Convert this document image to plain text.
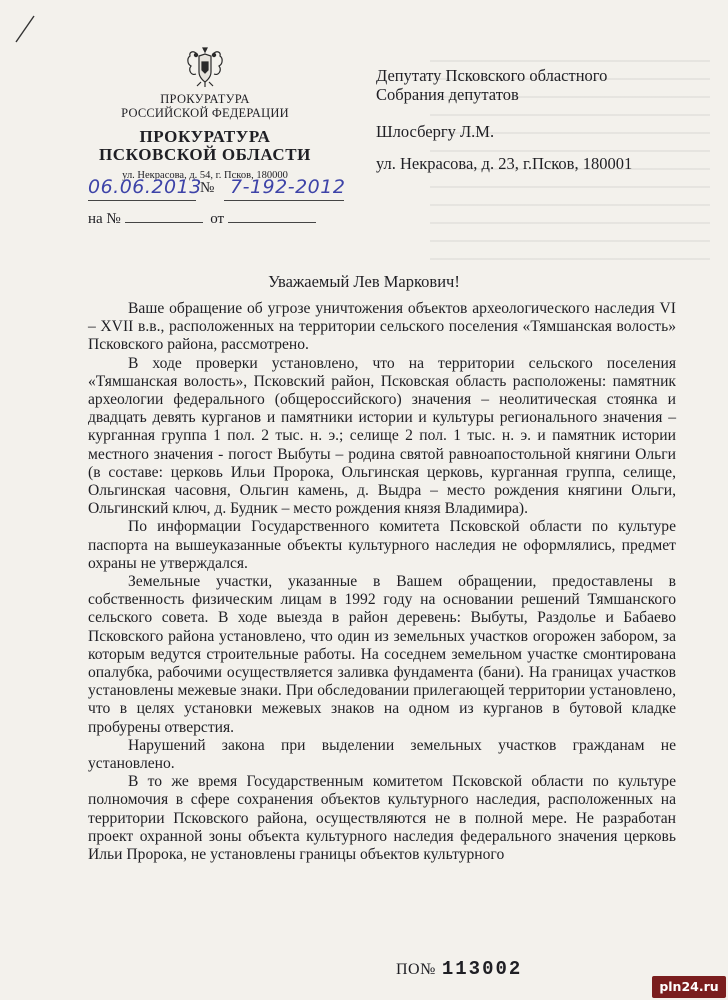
ПРОКУРАТУРА
РОССИЙСКОЙ ФЕДЕРАЦИИ
ПРОКУРАТУРА
ПСКОВСКОЙ ОБЛАСТИ
ул. Некрасова, д. 54, г. Псков, 180000
06.06.2013
№ 7-192-2012
на №	от
Депутату Псковского областного
Собрания депутатов
Шлосбергу Л.М.
ул. Некрасова, д. 23, г.Псков, 180001
Уважаемый Лев Маркович!

Ваше обращение об угрозе уничтожения объектов археологического наследия VI – XVII в.в., расположенных на территории сельского поселения «Тямшанская волость» Псковского района, рассмотрено.

В ходе проверки установлено, что на территории сельского поселения «Тямшанская волость», Псковский район, Псковская область расположены: памятник археологии федерального (общероссийского) значения – неолитическая стоянка и двадцать девять курганов и памятники истории и культуры регионального значения – курганная группа 1 пол. 2 тыс. н. э.; селище 2 пол. 1 тыс. н. э. и памятник истории местного значения - погост Выбуты – родина святой равноапостольной княгини Ольги (в составе: церковь Ильи Пророка, Ольгинская церковь, курганная группа, селище, Ольгинская часовня, Ольгин камень, д. Выдра – место рождения княгини Ольги, Ольгинский ключ, д. Будник – место рождения князя Владимира).

По информации Государственного комитета Псковской области по культуре паспорта на вышеуказанные объекты культурного наследия не оформлялись, предмет охраны не утверждался.

Земельные участки, указанные в Вашем обращении, предоставлены в собственность физическим лицам в 1992 году на основании решений Тямшанского сельского совета. В ходе выезда в район деревень: Выбуты, Раздолье и Бабаево Псковского района установлено, что один из земельных участков огорожен забором, за которым ведутся строительные работы. На соседнем земельном участке смонтирована опалубка, рабочими осуществляется заливка фундамента (бани). На границах участков установлены межевые знаки. При обследовании прилегающей территории установлено, что в целях установки межевых знаков на одном из курганов в бутовой кладке пробурены отверстия.

Нарушений закона при выделении земельных участков гражданам не установлено.

В то же время Государственным комитетом Псковской области по культуре полномочия в сфере сохранения объектов культурного наследия, расположенных на территории Псковского района, осуществляются не в полной мере. Не разработан проект охранной зоны объекта культурного наследия федерального значения церковь Ильи Пророка, не установлены границы объектов культурного

ПО№ 113002
pln24.ru
